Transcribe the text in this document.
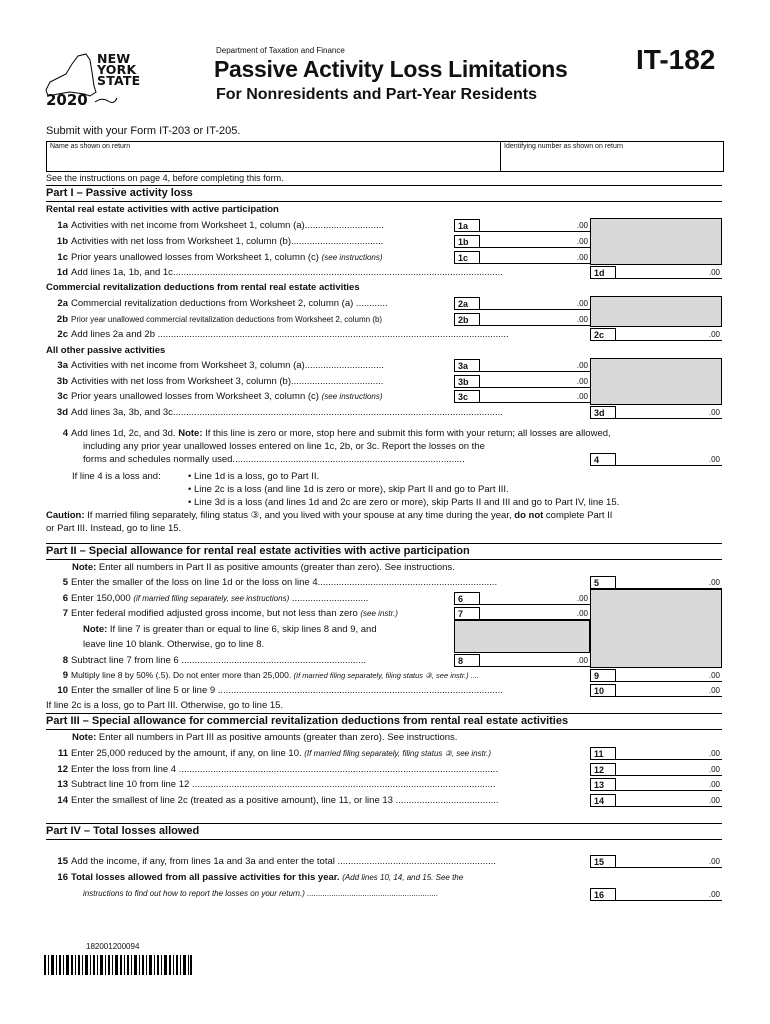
NEW
YORK
STATE
2020
Department of Taxation and Finance
Passive Activity Loss Limitations
For Nonresidents and Part-Year Residents
IT-182
Submit with your Form IT-203 or IT-205.
Name as shown on return	Identifying number as shown on return
See the instructions on page 4, before completing this form.
Part I – Passive activity loss
Rental real estate activities with active participation
1a Activities with net income from Worksheet 1, column (a)..............................	1a	.00
1b Activities with net loss from Worksheet 1, column (b)...................................	1b	.00
1c Prior years unallowed losses from Worksheet 1, column (c) (see instructions)	1c	.00
1d Add lines 1a, 1b, and 1c.............................................................................................................................	1d	.00
Commercial revitalization deductions from rental real estate activities
2a Commercial revitalization deductions from Worksheet 2, column (a) ............	2a	.00
2b Prior year unallowed commercial revitalization deductions from Worksheet 2, column (b)	2b	.00
2c Add lines 2a and 2b .....................................................................................................................................	2c	.00
All other passive activities
3a Activities with net income from Worksheet 3, column (a)..............................	3a	.00
3b Activities with net loss from Worksheet 3, column (b)...................................	3b	.00
3c Prior years unallowed losses from Worksheet 3, column (c) (see instructions)	3c	.00
3d Add lines 3a, 3b, and 3c.............................................................................................................................	3d	.00
4 Add lines 1d, 2c, and 3d. Note: If this line is zero or more, stop here and submit this form with your return; all losses are allowed,
including any prior year unallowed losses entered on line 1c, 2b, or 3c. Report the losses on the
forms and schedules normally used........................................................................................	4	.00
If line 4 is a loss and:	• Line 1d is a loss, go to Part II.
• Line 2c is a loss (and line 1d is zero or more), skip Part II and go to Part III.
• Line 3d is a loss (and lines 1d and 2c are zero or more), skip Parts II and III and go to Part IV, line 15.
Caution: If married filing separately, filing status ③, and you lived with your spouse at any time during the year, do not complete Part II
or Part III. Instead, go to line 15.
Part II – Special allowance for rental real estate activities with active participation
Note: Enter all numbers in Part II as positive amounts (greater than zero). See instructions.
5 Enter the smaller of the loss on line 1d or the loss on line 4....................................................................	5	.00
6 Enter 150,000 (if married filing separately, see instructions) .............................	6	.00
7 Enter federal modified adjusted gross income, but not less than zero (see instr.)	7	.00
Note: If line 7 is greater than or equal to line 6, skip lines 8 and 9, and
leave line 10 blank. Otherwise, go to line 8.
8 Subtract line 7 from line 6 ......................................................................	8	.00
9 Multiply line 8 by 50% (.5). Do not enter more than 25,000. (If married filing separately, filing status ③, see instr.) ....	9	.00
10 Enter the smaller of line 5 or line 9 ............................................................................................................	10	.00
If line 2c is a loss, go to Part III. Otherwise, go to line 15.
Part III – Special allowance for commercial revitalization deductions from rental real estate activities
Note: Enter all numbers in Part III as positive amounts (greater than zero). See instructions.
11 Enter 25,000 reduced by the amount, if any, on line 10. (If married filing separately, filing status ③, see instr.)	11	.00
12 Enter the loss from line 4 .........................................................................................................................	12	.00
13 Subtract line 10 from line 12 ...................................................................................................................	13	.00
14 Enter the smallest of line 2c (treated as a positive amount), line 11, or line 13 .......................................	14	.00
Part IV – Total losses allowed
15 Add the income, if any, from lines 1a and 3a and enter the total ............................................................	15	.00
16 Total losses allowed from all passive activities for this year. (Add lines 10, 14, and 15. See the
instructions to find out how to report the losses on your return.) ...........................................................	16	.00
182001200094
